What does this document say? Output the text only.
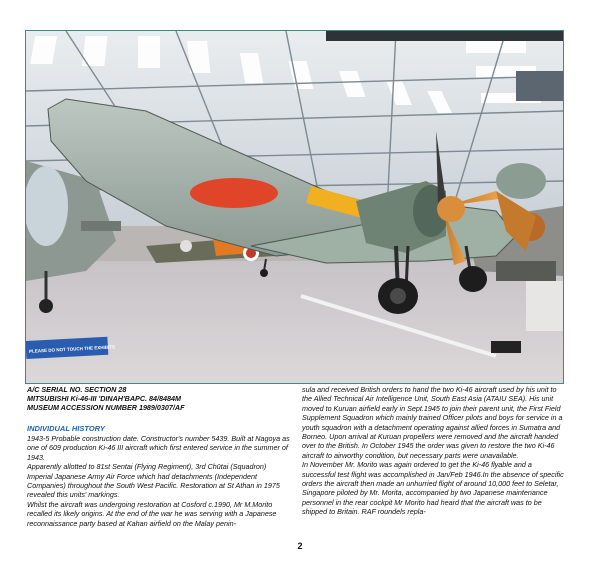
PLEASE DO NOT TOUCH THE EXHIBITS
A/C SERIAL NO. SECTION 28
MITSUBISHI Ki-46-III 'DINAH'BAPC. 84/8484M
MUSEUM ACCESSION NUMBER 1989/0307/AF
INDIVIDUAL HISTORY

1943-5 Probable construction date. Constructor's number 5439. Built at Nagoya as one of 609 production Ki-46 III aircraft which first entered service in the summer of 1943.

Apparently allotted to 81st Sentai (Flying Regiment), 3rd Chūtai (Squadron) Imperial Japanese Army Air Force which had detachments (Independent Companies) throughout the South West Pacific. Restoration at St Athan in 1975 revealed this units' markings.

Whilst the aircraft was undergoing restoration at Cosford c.1990, Mr M.Morito recalled its likely origins. At the end of the war he was serving with a Japanese reconnaissance party based at Kahan airfield on the Malay penin-

sula and received British orders to hand the two Ki-46 aircraft used by his unit to the Allied Technical Air Intelligence Unit, South East Asia (ATAIU SEA). His unit moved to Kuruan airfield early in Sept.1945 to join their parent unit, the First Field Supplement Squadron which mainly trained Officer pilots and boys for service in a youth squadron with a detachment operating against allied forces in Sumatra and Borneo. Upon arrival at Kuruan propellers were removed and the aircraft handed over to the British. In October 1945 the order was given to restore the two Ki-46 aircraft to airworthy condition, but necessary parts were unavailable.

In November Mr. Morito was again ordered to get the Ki-46 flyable and a successful test flight was accomplished in Jan/Feb 1946.In the absence of specific orders the aircraft then made an unhurried flight of around 10,000 feet to Seletar, Singapore piloted by Mr. Morita, accompanied by two Japanese maintenance personnel in the rear cockpit Mr Morito had heard that the aircraft was to be shipped to Britain. RAF roundels repla-

2
